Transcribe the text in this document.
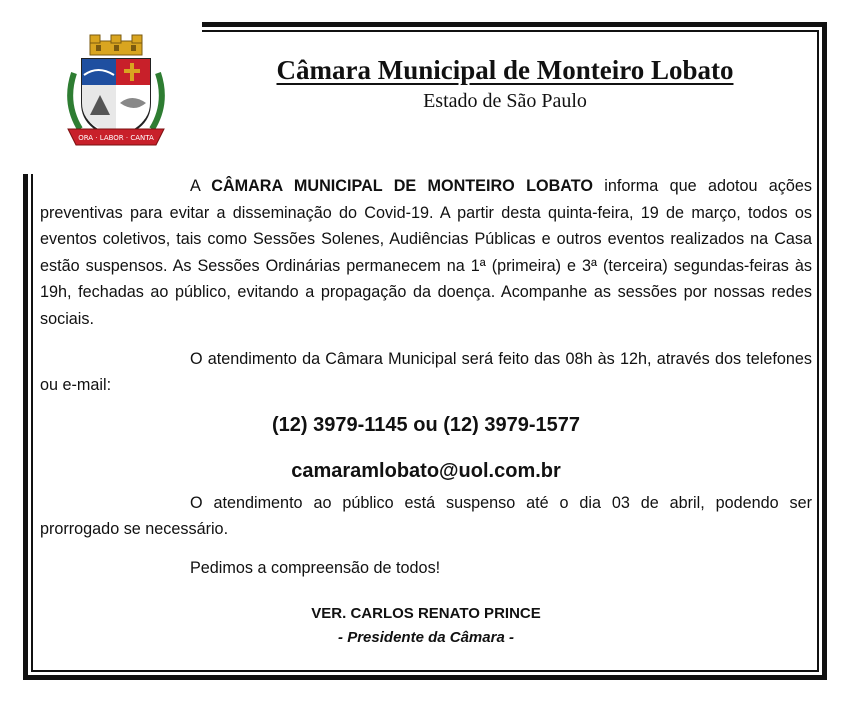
ORA · LABOR · CANTA
Câmara Municipal de Monteiro Lobato
Estado de São Paulo

A CÂMARA MUNICIPAL DE MONTEIRO LOBATO informa que adotou ações preventivas para evitar a disseminação do Covid-19. A partir desta quinta-feira, 19 de março, todos os eventos coletivos, tais como Sessões Solenes, Audiências Públicas e outros eventos realizados na Casa estão suspensos. As Sessões Ordinárias permanecem na 1ª (primeira) e 3ª (terceira) segundas-feiras às 19h, fechadas ao público, evitando a propagação da doença. Acompanhe as sessões por nossas redes sociais.

O atendimento da Câmara Municipal será feito das 08h às 12h, através dos telefones ou e-mail:

(12) 3979-1145 ou (12) 3979-1577

camaramlobato@uol.com.br

O atendimento ao público está suspenso até o dia 03 de abril, podendo ser prorrogado se necessário.

Pedimos a compreensão de todos!

VER. CARLOS RENATO PRINCE

- Presidente da Câmara -
